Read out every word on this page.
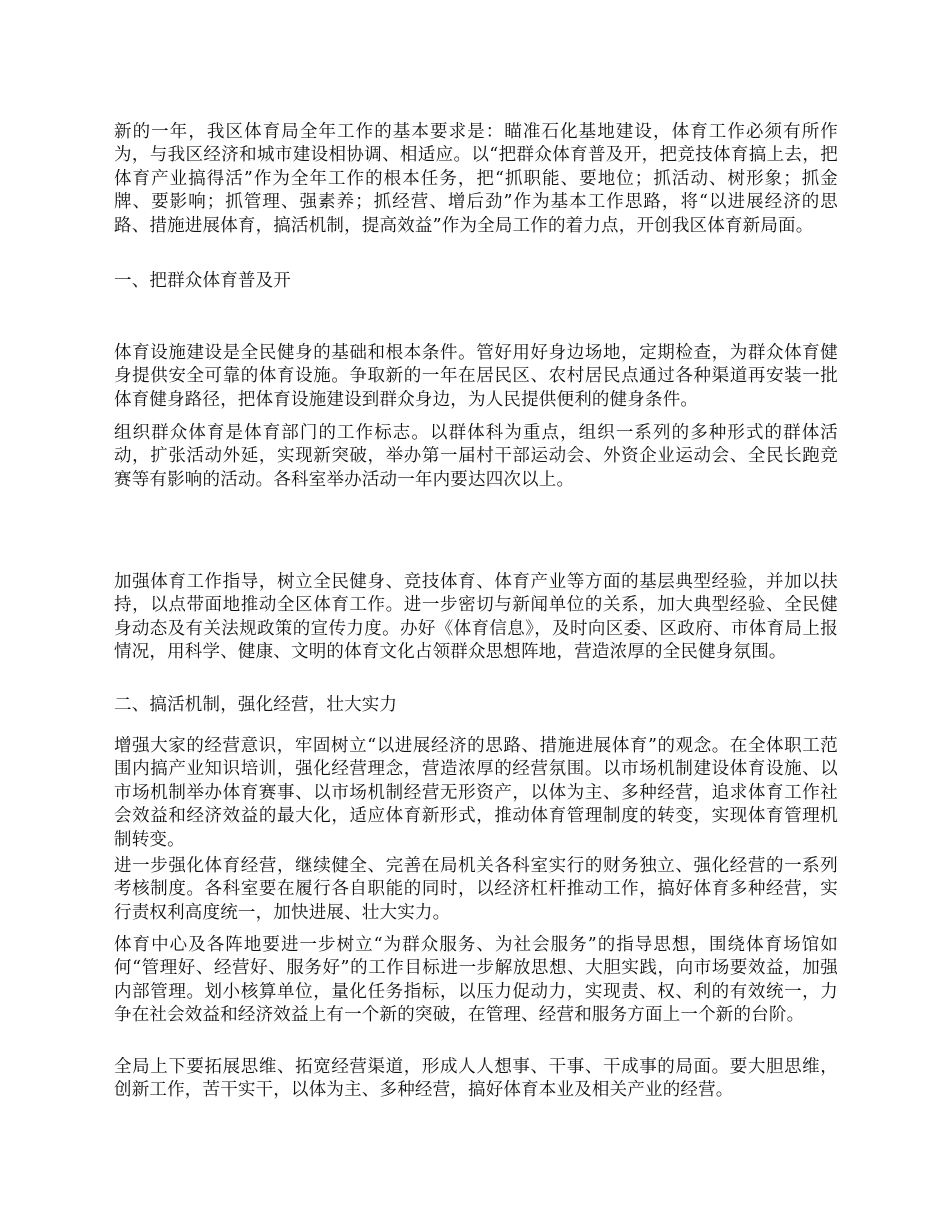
新的一年，我区体育局全年工作的基本要求是：瞄准石化基地建设，体育工作必须有所作为，与我区经济和城市建设相协调、相适应。以“把群众体育普及开，把竞技体育搞上去，把体育产业搞得活”作为全年工作的根本任务，把“抓职能、要地位；抓活动、树形象；抓金牌、要影响；抓管理、强素养；抓经营、增后劲”作为基本工作思路，将“以进展经济的思路、措施进展体育，搞活机制，提高效益”作为全局工作的着力点，开创我区体育新局面。

一、把群众体育普及开

体育设施建设是全民健身的基础和根本条件。管好用好身边场地，定期检查，为群众体育健身提供安全可靠的体育设施。争取新的一年在居民区、农村居民点通过各种渠道再安装一批体育健身路径，把体育设施建设到群众身边，为人民提供便利的健身条件。

组织群众体育是体育部门的工作标志。以群体科为重点，组织一系列的多种形式的群体活动，扩张活动外延，实现新突破，举办第一届村干部运动会、外资企业运动会、全民长跑竞赛等有影响的活动。各科室举办活动一年内要达四次以上。

加强体育工作指导，树立全民健身、竞技体育、体育产业等方面的基层典型经验，并加以扶持，以点带面地推动全区体育工作。进一步密切与新闻单位的关系，加大典型经验、全民健身动态及有关法规政策的宣传力度。办好《体育信息》，及时向区委、区政府、市体育局上报情况，用科学、健康、文明的体育文化占领群众思想阵地，营造浓厚的全民健身氛围。

二、搞活机制，强化经营，壮大实力

增强大家的经营意识，牢固树立“以进展经济的思路、措施进展体育”的观念。在全体职工范围内搞产业知识培训，强化经营理念，营造浓厚的经营氛围。以市场机制建设体育设施、以市场机制举办体育赛事、以市场机制经营无形资产，以体为主、多种经营，追求体育工作社会效益和经济效益的最大化，适应体育新形式，推动体育管理制度的转变，实现体育管理机制转变。

进一步强化体育经营，继续健全、完善在局机关各科室实行的财务独立、强化经营的一系列考核制度。各科室要在履行各自职能的同时，以经济杠杆推动工作，搞好体育多种经营，实行责权利高度统一，加快进展、壮大实力。

体育中心及各阵地要进一步树立“为群众服务、为社会服务”的指导思想，围绕体育场馆如何“管理好、经营好、服务好”的工作目标进一步解放思想、大胆实践，向市场要效益，加强内部管理。划小核算单位，量化任务指标，以压力促动力，实现责、权、利的有效统一，力争在社会效益和经济效益上有一个新的突破，在管理、经营和服务方面上一个新的台阶。

全局上下要拓展思维、拓宽经营渠道，形成人人想事、干事、干成事的局面。要大胆思维，创新工作，苦干实干，以体为主、多种经营，搞好体育本业及相关产业的经营。
